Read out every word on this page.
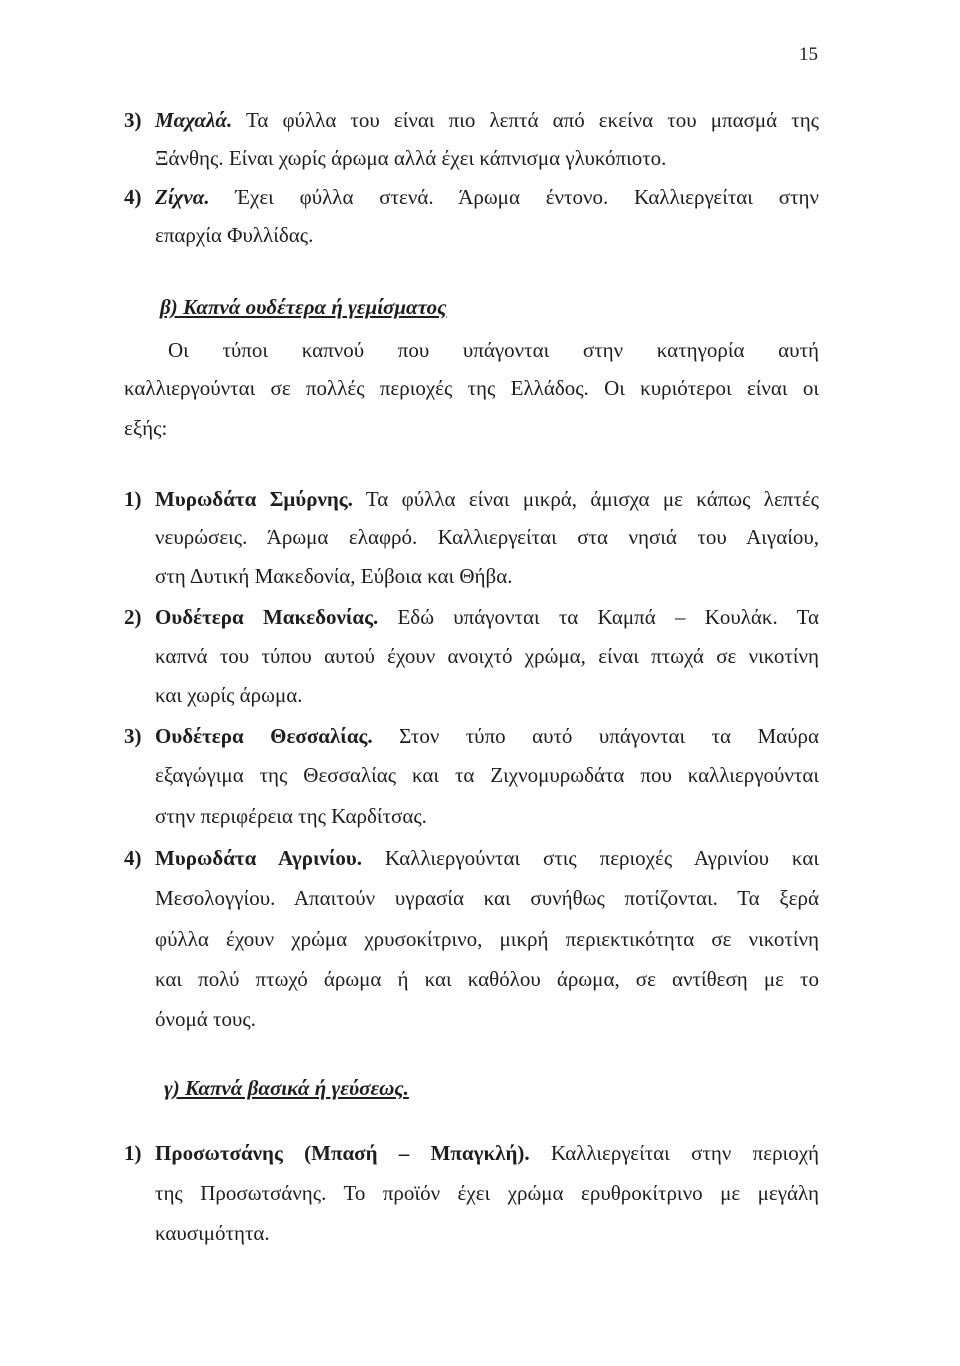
15
3) Μαχαλά. Τα φύλλα του είναι πιο λεπτά από εκείνα του μπασμά της

Ξάνθης. Είναι χωρίς άρωμα αλλά έχει κάπνισμα γλυκόπιοτο.

4) Ζίχνα. Έχει φύλλα στενά. Άρωμα έντονο. Καλλιεργείται στην

επαρχία Φυλλίδας.

β) Καπνά ουδέτερα ή γεμίσματος

Οι τύποι καπνού που υπάγονται στην κατηγορία αυτή

καλλιεργούνται σε πολλές περιοχές της Ελλάδος. Οι κυριότεροι είναι οι

εξής:

1) Μυρωδάτα Σμύρνης. Τα φύλλα είναι μικρά, άμισχα με κάπως λεπτές

νευρώσεις. Άρωμα ελαφρό. Καλλιεργείται στα νησιά του Αιγαίου,

στη Δυτική Μακεδονία, Εύβοια και Θήβα.

2) Ουδέτερα Μακεδονίας. Εδώ υπάγονται τα Καμπά – Κουλάκ. Τα

καπνά του τύπου αυτού έχουν ανοιχτό χρώμα, είναι πτωχά σε νικοτίνη

και χωρίς άρωμα.

3) Ουδέτερα Θεσσαλίας. Στον τύπο αυτό υπάγονται τα Μαύρα

εξαγώγιμα της Θεσσαλίας και τα Ζιχνομυρωδάτα που καλλιεργούνται

στην περιφέρεια της Καρδίτσας.

4) Μυρωδάτα Αγρινίου. Καλλιεργούνται στις περιοχές Αγρινίου και

Μεσολογγίου. Απαιτούν υγρασία και συνήθως ποτίζονται. Τα ξερά

φύλλα έχουν χρώμα χρυσοκίτρινο, μικρή περιεκτικότητα σε νικοτίνη

και πολύ πτωχό άρωμα ή και καθόλου άρωμα, σε αντίθεση με το

όνομά τους.

γ) Καπνά βασικά ή γεύσεως.

1) Προσωτσάνης (Μπασή – Μπαγκλή). Καλλιεργείται στην περιοχή

της Προσωτσάνης. Το προϊόν έχει χρώμα ερυθροκίτρινο με μεγάλη

καυσιμότητα.
